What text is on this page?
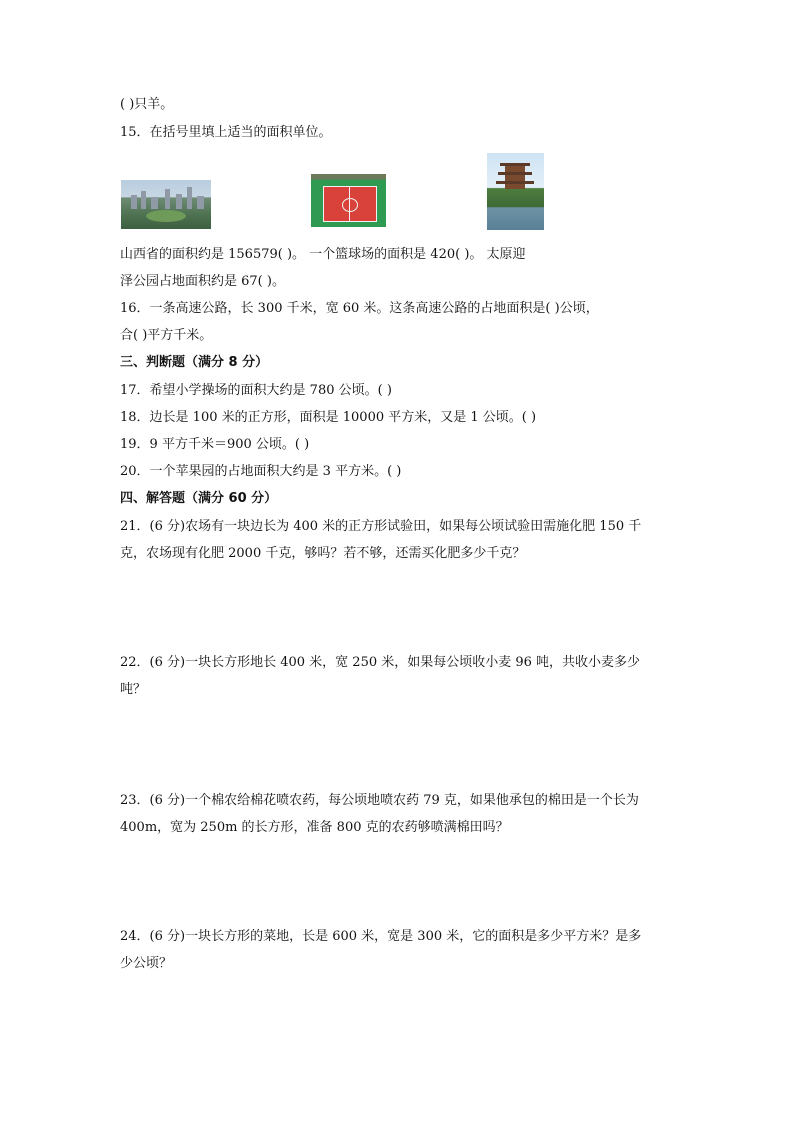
( )只羊。
15．在括号里填上适当的面积单位。
山西省的面积约是 156579( )。 一个篮球场的面积是 420( )。 太原迎
泽公园占地面积约是 67( )。
16．一条高速公路，长 300 千米，宽 60 米。这条高速公路的占地面积是( )公顷，
合( )平方千米。
三、判断题（满分 8 分）
17．希望小学操场的面积大约是 780 公顷。( )
18．边长是 100 米的正方形，面积是 10000 平方米，又是 1 公顷。( )
19．9 平方千米＝900 公顷。( )
20．一个苹果园的占地面积大约是 3 平方米。( )
四、解答题（满分 60 分）
21．(6 分)农场有一块边长为 400 米的正方形试验田，如果每公顷试验田需施化肥 150 千
克，农场现有化肥 2000 千克，够吗？若不够，还需买化肥多少千克？
22．(6 分)一块长方形地长 400 米，宽 250 米，如果每公顷收小麦 96 吨，共收小麦多少
吨？
23．(6 分)一个棉农给棉花喷农药，每公顷地喷农药 79 克，如果他承包的棉田是一个长为
400m，宽为 250m 的长方形，准备 800 克的农药够喷满棉田吗？
24．(6 分)一块长方形的菜地，长是 600 米，宽是 300 米，它的面积是多少平方米？是多
少公顷？
